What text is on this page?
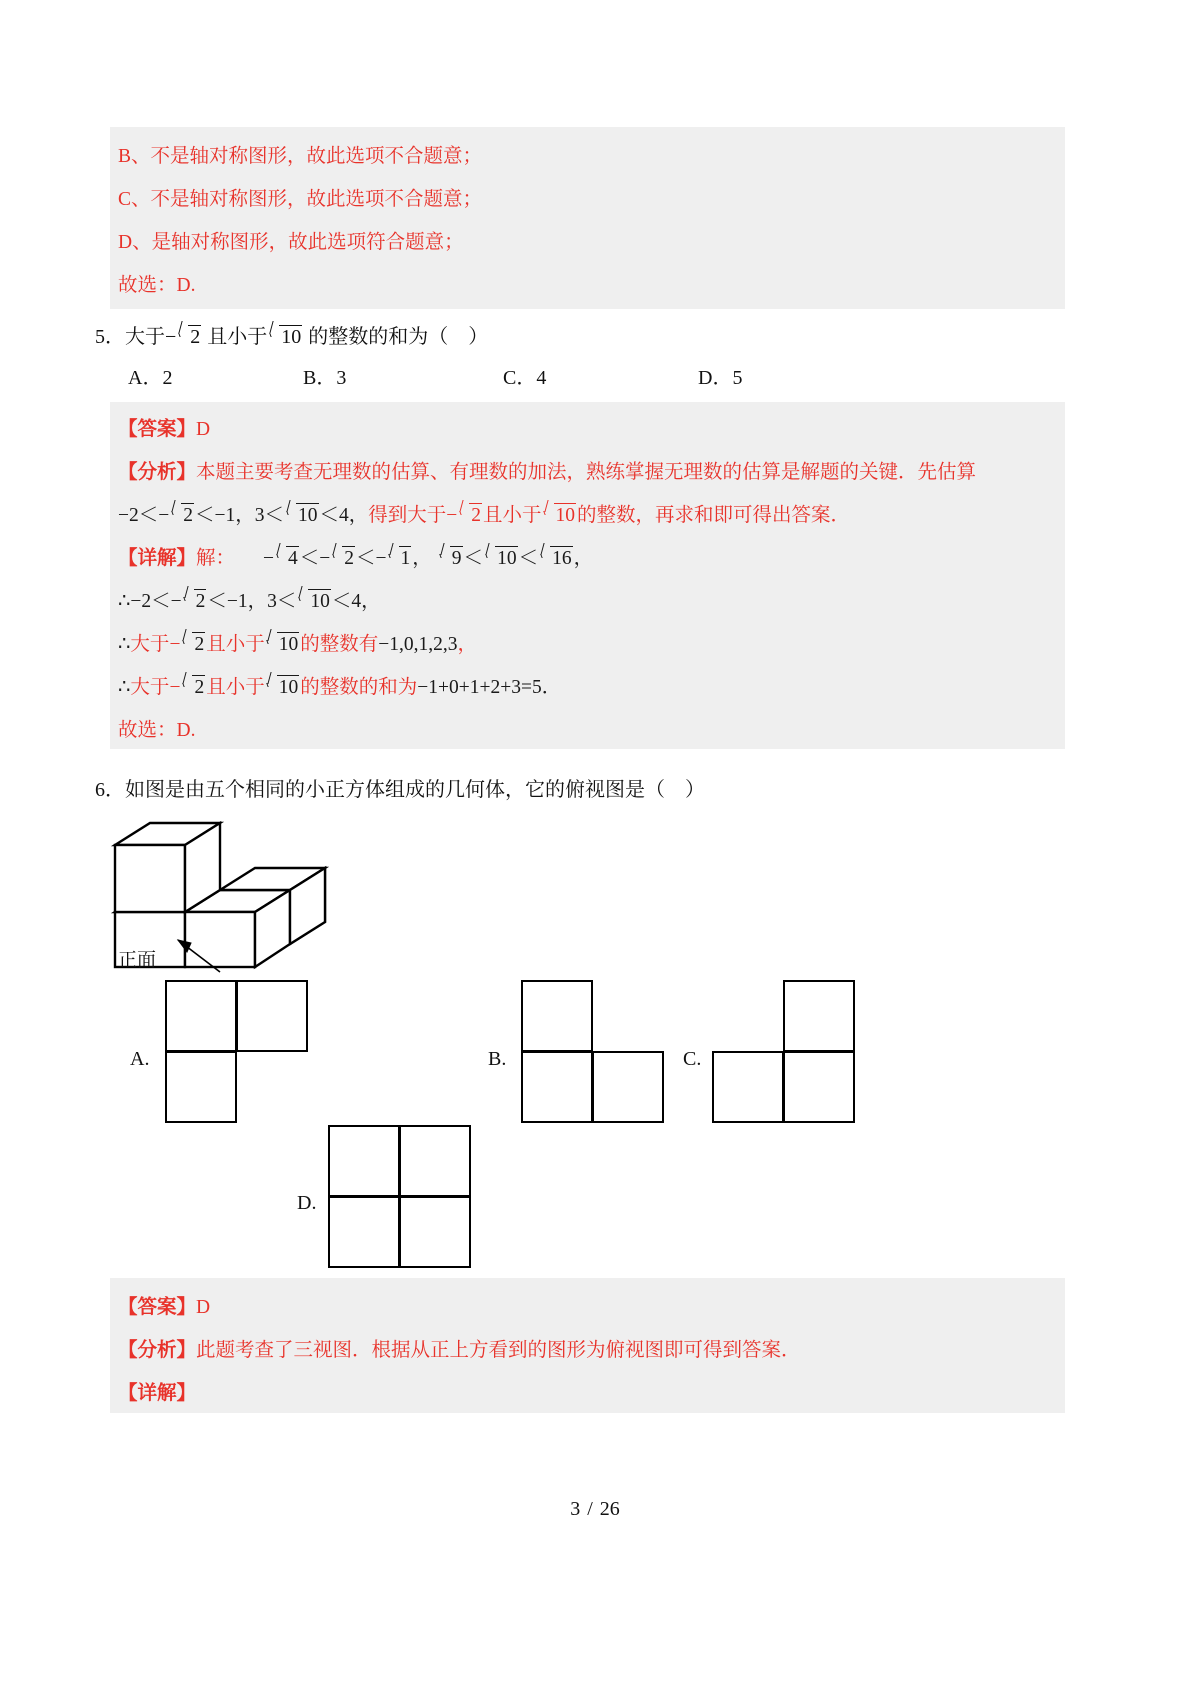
B、不是轴对称图形，故此选项不合题意；
C、不是轴对称图形，故此选项不合题意；
D、是轴对称图形，故此选项符合题意；
故选：D.
5．大于− 2 且小于 10 的整数的和为（　）
A．2	B．3	C．4	D．5
【答案】D
【分析】本题主要考查无理数的估算、有理数的加法，熟练掌握无理数的估算是解题的关键．先估算
−2＜− 2 ＜−1，3＜ 10 ＜4，得到大于− 2 且小于 10 的整数，再求和即可得出答案．
【详解】解： − 4 ＜− 2 ＜− 1 ， 9 ＜ 10 ＜ 16 ，
∴−2＜− 2 ＜−1，3＜ 10 ＜4，
∴大于− 2 且小于 10 的整数有−1,0,1,2,3，
∴大于− 2 且小于 10 的整数的和为−1+0+1+2+3=5．
故选：D.
6．如图是由五个相同的小正方体组成的几何体，它的俯视图是（　）
正面
A.	B.	C.
D.
【答案】D
【分析】此题考查了三视图．根据从正上方看到的图形为俯视图即可得到答案．
【详解】
3 / 26
